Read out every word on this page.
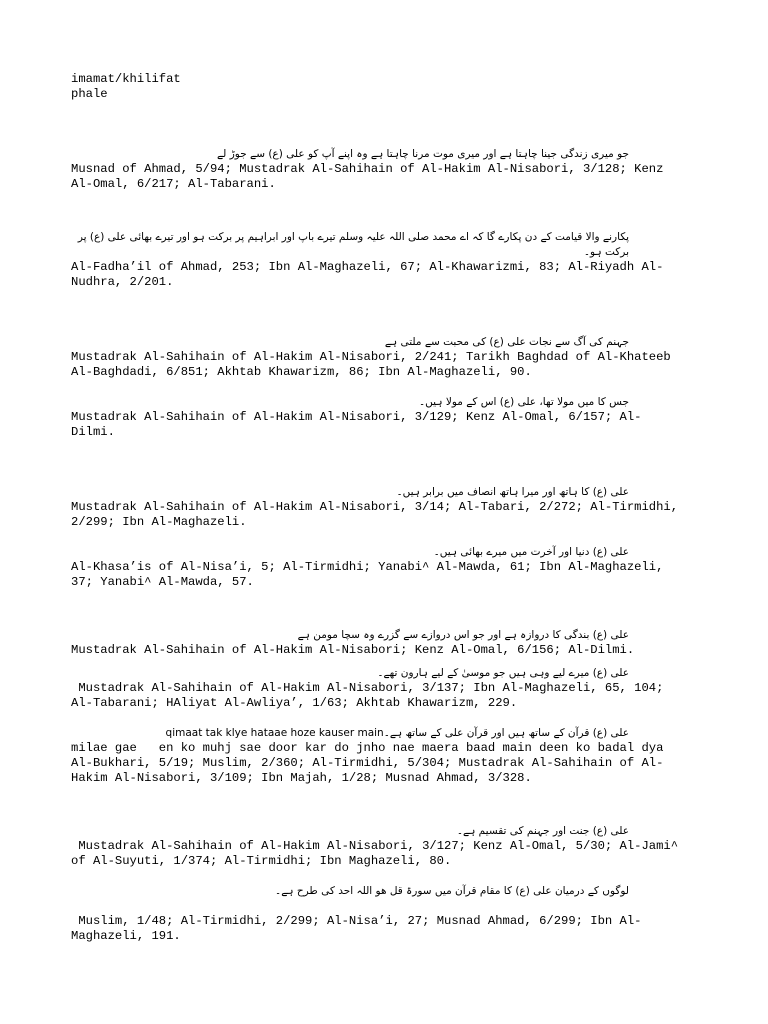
imamat/khilifat
phale
جو میری زندگی جینا چاہتا ہے اور میری موت مرنا چاہتا ہے وہ اپنے آپ کو علی (ع) سے جوڑ لے
Musnad of Ahmad, 5/94; Mustadrak Al-Sahihain of Al-Hakim Al-Nisabori, 3/128; Kenz
Al-Omal, 6/217; Al-Tabarani.
پکارنے والا قیامت کے دن پکارے گا کہ اے محمد صلی اللہ علیہ وسلم تیرے باپ اور ابراہیم پر برکت ہو اور تیرے بھائی علی (ع) پر برکت ہو۔
Al-Fadha’il of Ahmad, 253; Ibn Al-Maghazeli, 67; Al-Khawarizmi, 83; Al-Riyadh Al-
Nudhra, 2/201.
جہنم کی آگ سے نجات علی (ع) کی محبت سے ملتی ہے
Mustadrak Al-Sahihain of Al-Hakim Al-Nisabori, 2/241; Tarikh Baghdad of Al-Khateeb
Al-Baghdadi, 6/851; Akhtab Khawarizm, 86; Ibn Al-Maghazeli, 90.
جس کا میں مولا تھا، علی (ع) اس کے مولا ہیں۔
Mustadrak Al-Sahihain of Al-Hakim Al-Nisabori, 3/129; Kenz Al-Omal, 6/157; Al-
Dilmi.
علی (ع) کا ہاتھ اور میرا ہاتھ انصاف میں برابر ہیں۔
Mustadrak Al-Sahihain of Al-Hakim Al-Nisabori, 3/14; Al-Tabari, 2/272; Al-Tirmidhi,
2/299; Ibn Al-Maghazeli.
علی (ع) دنیا اور آخرت میں میرے بھائی ہیں۔
Al-Khasa’is of Al-Nisa’i, 5; Al-Tirmidhi; Yanabi^ Al-Mawda, 61; Ibn Al-Maghazeli,
37; Yanabi^ Al-Mawda, 57.
علی (ع) بندگی کا دروازہ ہے اور جو اس دروازے سے گزرے وہ سچا مومن ہے
Mustadrak Al-Sahihain of Al-Hakim Al-Nisabori; Kenz Al-Omal, 6/156; Al-Dilmi.
علی (ع) میرے لیے وہی ہیں جو موسیٰ کے لیے ہارون تھے۔
Mustadrak Al-Sahihain of Al-Hakim Al-Nisabori, 3/137; Ibn Al-Maghazeli, 65, 104;
Al-Tabarani; HAliyat Al-Awliya’, 1/63; Akhtab Khawarizm, 229.
علی (ع) قرآن کے ساتھ ہیں اور قرآن علی کے ساتھ ہے۔qimaat tak klye hataae hoze kauser main
milae gae   en ko muhj sae door kar do jnho nae maera baad main deen ko badal dya
Al-Bukhari, 5/19; Muslim, 2/360; Al-Tirmidhi, 5/304; Mustadrak Al-Sahihain of Al-
Hakim Al-Nisabori, 3/109; Ibn Majah, 1/28; Musnad Ahmad, 3/328.
علی (ع) جنت اور جہنم کی تقسیم ہے۔
Mustadrak Al-Sahihain of Al-Hakim Al-Nisabori, 3/127; Kenz Al-Omal, 5/30; Al-Jami^
of Al-Suyuti, 1/374; Al-Tirmidhi; Ibn Maghazeli, 80.
لوگوں کے درمیان علی (ع) کا مقام قرآن میں سورۃ قل ھو اللہ احد کی طرح ہے۔
Muslim, 1/48; Al-Tirmidhi, 2/299; Al-Nisa’i, 27; Musnad Ahmad, 6/299; Ibn Al-
Maghazeli, 191.
